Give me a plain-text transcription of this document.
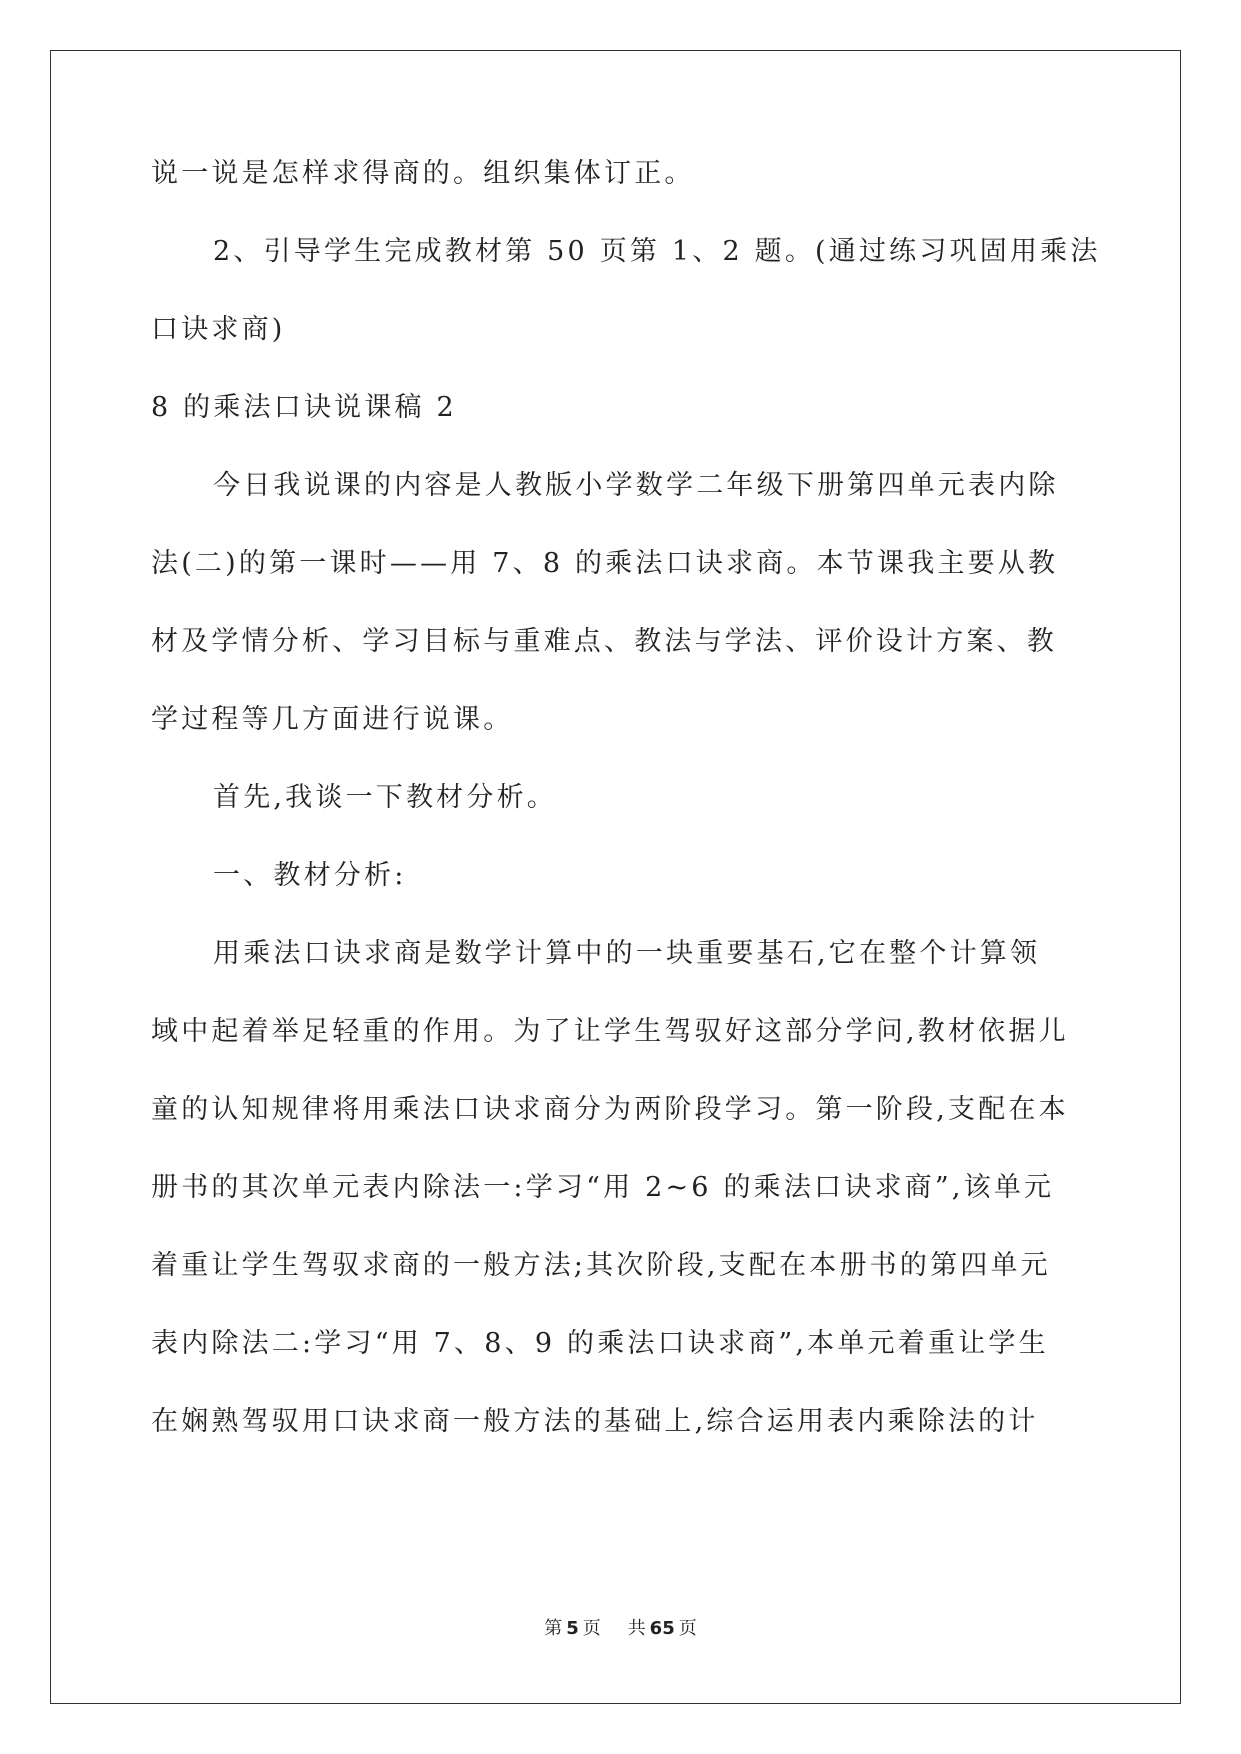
说一说是怎样求得商的。组织集体订正。

2、引导学生完成教材第 50 页第 1、2 题。(通过练习巩固用乘法

口诀求商)

8 的乘法口诀说课稿 2

今日我说课的内容是人教版小学数学二年级下册第四单元表内除

法(二)的第一课时——用 7、8 的乘法口诀求商。本节课我主要从教

材及学情分析、学习目标与重难点、教法与学法、评价设计方案、教

学过程等几方面进行说课。

首先,我谈一下教材分析。

一、教材分析:

用乘法口诀求商是数学计算中的一块重要基石,它在整个计算领

域中起着举足轻重的作用。为了让学生驾驭好这部分学问,教材依据儿

童的认知规律将用乘法口诀求商分为两阶段学习。第一阶段,支配在本

册书的其次单元表内除法一:学习“用 2~6 的乘法口诀求商”,该单元

着重让学生驾驭求商的一般方法;其次阶段,支配在本册书的第四单元

表内除法二:学习“用 7、8、9 的乘法口诀求商”,本单元着重让学生

在娴熟驾驭用口诀求商一般方法的基础上,综合运用表内乘除法的计

第 5 页 共 65 页
